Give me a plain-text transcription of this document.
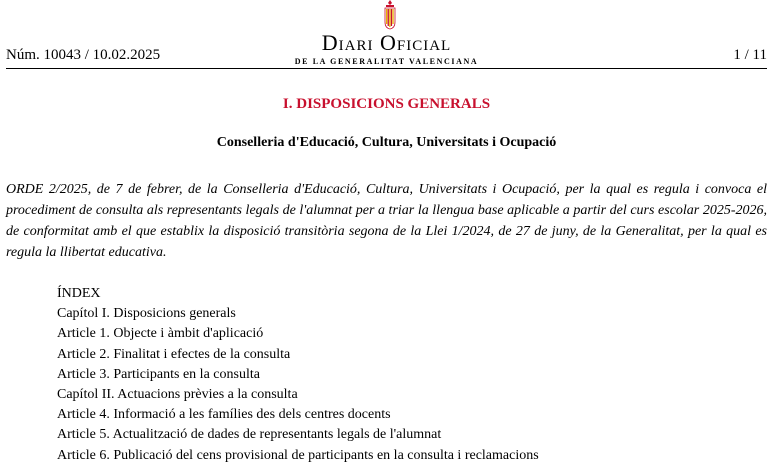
Núm. 10043 / 10.02.2025	Diari Oficial
DE LA GENERALITAT VALENCIANA	1 / 11
I. DISPOSICIONS GENERALS
Conselleria d'Educació, Cultura, Universitats i Ocupació
ORDE 2/2025, de 7 de febrer, de la Conselleria d'Educació, Cultura, Universitats i Ocupació, per la qual es regula i convoca el procediment de consulta als representants legals de l'alumnat per a triar la llengua base aplicable a partir del curs escolar 2025-2026, de conformitat amb el que establix la disposició transitòria segona de la Llei 1/2024, de 27 de juny, de la Generalitat, per la qual es regula la llibertat educativa.
ÍNDEX
Capítol I. Disposicions generals
Article 1. Objecte i àmbit d'aplicació
Article 2. Finalitat i efectes de la consulta
Article 3. Participants en la consulta
Capítol II. Actuacions prèvies a la consulta
Article 4. Informació a les famílies des dels centres docents
Article 5. Actualització de dades de representants legals de l'alumnat
Article 6. Publicació del cens provisional de participants en la consulta i reclamacions
